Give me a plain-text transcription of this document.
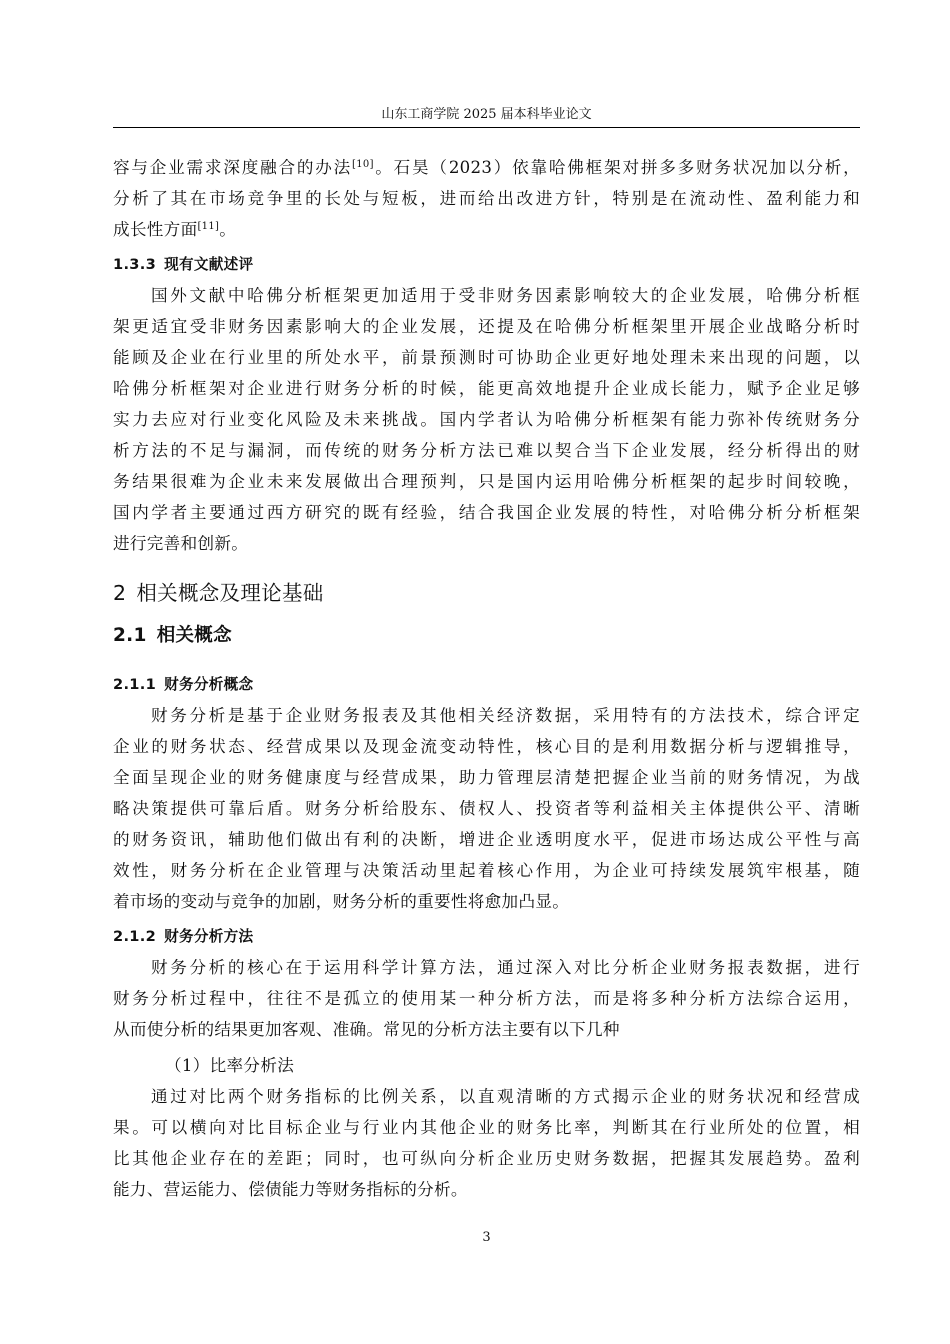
山东工商学院 2025 届本科毕业论文
容与企业需求深度融合的办法[10]。石昊（2023）依靠哈佛框架对拼多多财务状况加以分析，
分析了其在市场竞争里的长处与短板，进而给出改进方针，特别是在流动性、盈利能力和
成长性方面[11]。
1.3.3 现有文献述评
国外文献中哈佛分析框架更加适用于受非财务因素影响较大的企业发展，哈佛分析框
架更适宜受非财务因素影响大的企业发展，还提及在哈佛分析框架里开展企业战略分析时
能顾及企业在行业里的所处水平，前景预测时可协助企业更好地处理未来出现的问题，以
哈佛分析框架对企业进行财务分析的时候，能更高效地提升企业成长能力，赋予企业足够
实力去应对行业变化风险及未来挑战。国内学者认为哈佛分析框架有能力弥补传统财务分
析方法的不足与漏洞，而传统的财务分析方法已难以契合当下企业发展，经分析得出的财
务结果很难为企业未来发展做出合理预判，只是国内运用哈佛分析框架的起步时间较晚，
国内学者主要通过西方研究的既有经验，结合我国企业发展的特性，对哈佛分析分析框架
进行完善和创新。
2 相关概念及理论基础
2.1 相关概念
2.1.1 财务分析概念
财务分析是基于企业财务报表及其他相关经济数据，采用特有的方法技术，综合评定
企业的财务状态、经营成果以及现金流变动特性，核心目的是利用数据分析与逻辑推导，
全面呈现企业的财务健康度与经营成果，助力管理层清楚把握企业当前的财务情况，为战
略决策提供可靠后盾。财务分析给股东、债权人、投资者等利益相关主体提供公平、清晰
的财务资讯，辅助他们做出有利的决断，增进企业透明度水平，促进市场达成公平性与高
效性，财务分析在企业管理与决策活动里起着核心作用，为企业可持续发展筑牢根基，随
着市场的变动与竞争的加剧，财务分析的重要性将愈加凸显。
2.1.2 财务分析方法
财务分析的核心在于运用科学计算方法，通过深入对比分析企业财务报表数据，进行
财务分析过程中，往往不是孤立的使用某一种分析方法，而是将多种分析方法综合运用，
从而使分析的结果更加客观、准确。常见的分析方法主要有以下几种
（1）比率分析法
通过对比两个财务指标的比例关系，以直观清晰的方式揭示企业的财务状况和经营成
果。可以横向对比目标企业与行业内其他企业的财务比率，判断其在行业所处的位置，相
比其他企业存在的差距；同时，也可纵向分析企业历史财务数据，把握其发展趋势。盈利
能力、营运能力、偿债能力等财务指标的分析。
3
